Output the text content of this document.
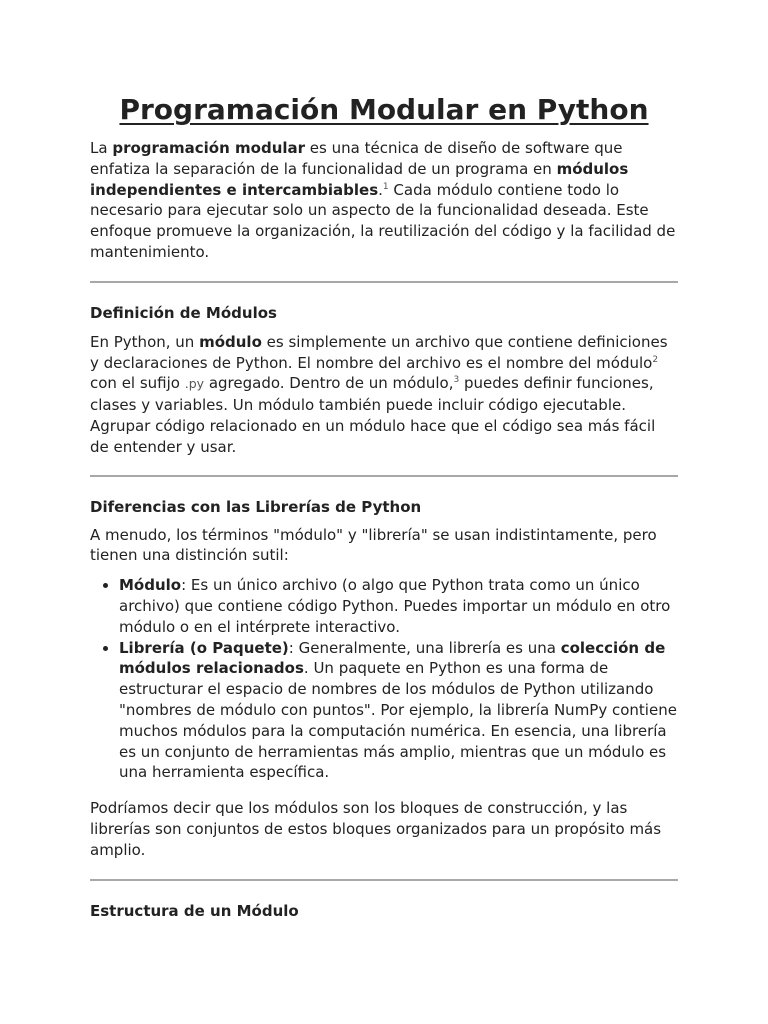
Programación Modular en Python

La programación modular es una técnica de diseño de software que enfatiza la separación de la funcionalidad de un programa en módulos independientes e intercambiables.$^1$ Cada módulo contiene todo lo necesario para ejecutar solo un aspecto de la funcionalidad deseada. Este enfoque promueve la organización, la reutilización del código y la facilidad de mantenimiento.

Definición de Módulos

En Python, un módulo es simplemente un archivo que contiene definiciones y declaraciones de Python. El nombre del archivo es el nombre del módulo$^2$ con el sufijo .py agregado. Dentro de un módulo,$^3$ puedes definir funciones, clases y variables. Un módulo también puede incluir código ejecutable. Agrupar código relacionado en un módulo hace que el código sea más fácil de entender y usar.

Diferencias con las Librerías de Python

A menudo, los términos "módulo" y "librería" se usan indistintamente, pero tienen una distinción sutil:

• Módulo: Es un único archivo (o algo que Python trata como un único archivo) que contiene código Python. Puedes importar un módulo en otro módulo o en el intérprete interactivo.
• Librería (o Paquete): Generalmente, una librería es una colección de módulos relacionados. Un paquete en Python es una forma de estructurar el espacio de nombres de los módulos de Python utilizando "nombres de módulo con puntos". Por ejemplo, la librería NumPy contiene muchos módulos para la computación numérica. En esencia, una librería es un conjunto de herramientas más amplio, mientras que un módulo es una herramienta específica.

Podríamos decir que los módulos son los bloques de construcción, y las librerías son conjuntos de estos bloques organizados para un propósito más amplio.

Estructura de un Módulo
